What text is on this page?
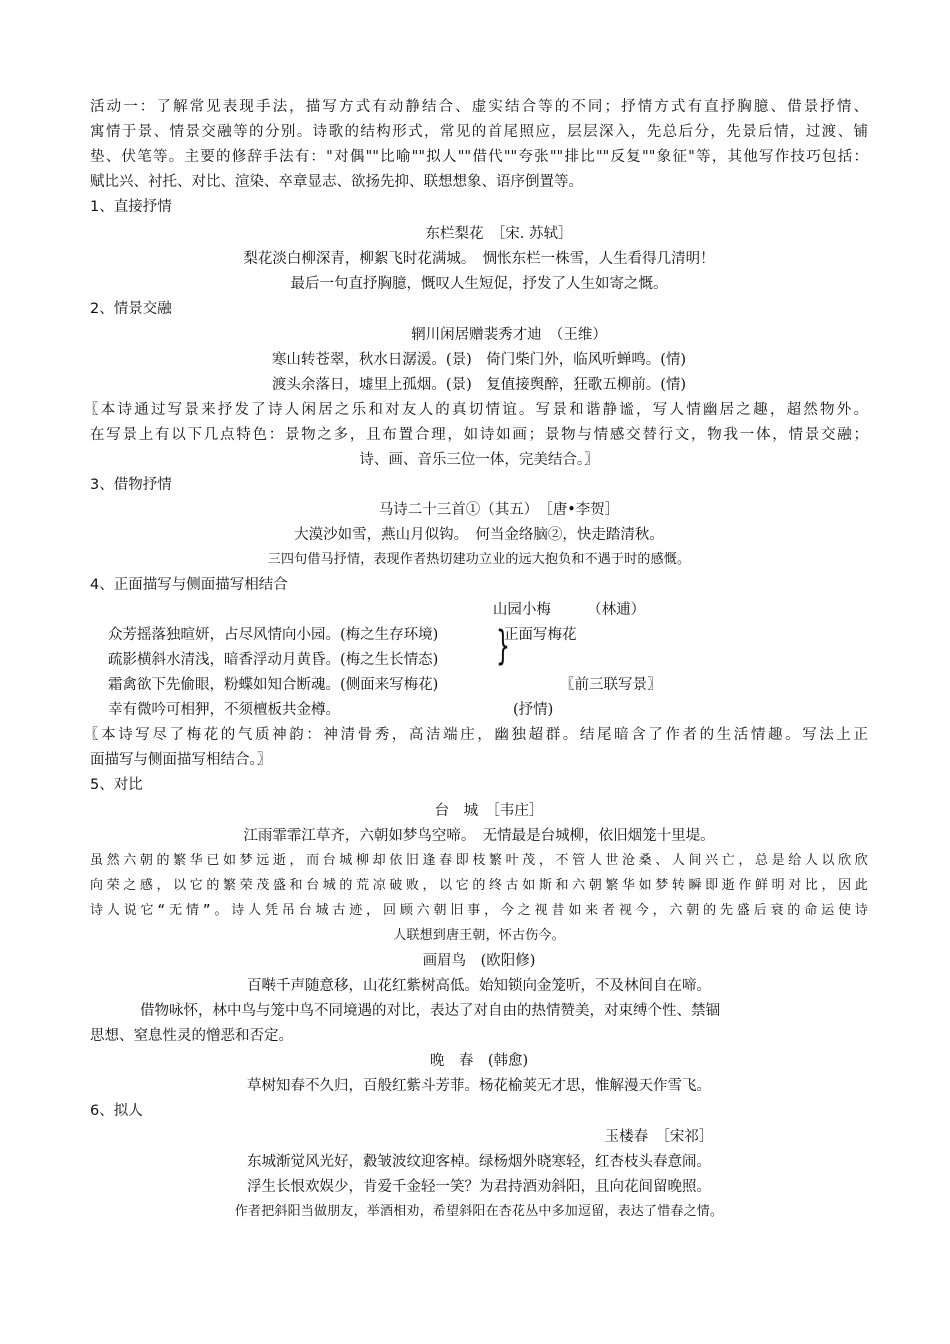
活动一：了解常见表现手法，描写方式有动静结合、虚实结合等的不同；抒情方式有直抒胸臆、借景抒情、
寓情于景、情景交融等的分别。诗歌的结构形式，常见的首尾照应，层层深入，先总后分，先景后情，过渡、铺
垫、伏笔等。主要的修辞手法有："对偶""比喻""拟人""借代""夸张""排比""反复""象征"等，其他写作技巧包括：
赋比兴、衬托、对比、渲染、卒章显志、欲扬先抑、联想想象、语序倒置等。
1、直接抒情
东栏梨花　［宋. 苏轼］
梨花淡白柳深青，柳絮飞时花满城。　惆怅东栏一株雪，人生看得几清明！
最后一句直抒胸臆，慨叹人生短促，抒发了人生如寄之慨。
2、情景交融
辋川闲居赠裴秀才迪　（王维）
寒山转苍翠，秋水日潺湲。(景)　倚门柴门外，临风听蝉鸣。(情)
渡头余落日，墟里上孤烟。(景)　复值接舆醉，狂歌五柳前。(情)
〖本诗通过写景来抒发了诗人闲居之乐和对友人的真切情谊。写景和谐静谧，写人情幽居之趣，超然物外。
在写景上有以下几点特色：景物之多，且布置合理，如诗如画；景物与情感交替行文，物我一体，情景交融；
诗、画、音乐三位一体，完美结合。〗
3、借物抒情
马诗二十三首①（其五）　［唐•李贺］
大漠沙如雪，燕山月似钩。　何当金络脑②，快走踏清秋。
三四句借马抒情，表现作者热切建功立业的远大抱负和不遇于时的感慨。
4、正面描写与侧面描写相结合
山园小梅　　　（林逋）
众芳摇落独暄妍，占尽风情向小园。(梅之生存环境)
疏影横斜水清浅，暗香浮动月黄昏。(梅之生长情态) }
正面写梅花
霜禽欲下先偷眼，粉蝶如知合断魂。(侧面来写梅花)	〖前三联写景〗
幸有微吟可相狎，不须檀板共金樽。	(抒情)
〖本诗写尽了梅花的气质神韵：神清骨秀，高洁端庄，幽独超群。结尾暗含了作者的生活情趣。写法上正
面描写与侧面描写相结合。〗
5、对比
台　城　［韦庄］
江雨霏霏江草齐，六朝如梦鸟空啼。　无情最是台城柳，依旧烟笼十里堤。
虽然六朝的繁华已如梦远逝，而台城柳却依旧逢春即枝繁叶茂，不管人世沧桑、人间兴亡，总是给人以欣欣
向荣之感，以它的繁荣茂盛和台城的荒凉破败，以它的终古如斯和六朝繁华如梦转瞬即逝作鲜明对比，因此
诗人说它“无情”。诗人凭吊台城古迹，回顾六朝旧事，今之视昔如来者视今，六朝的先盛后衰的命运使诗
人联想到唐王朝，怀古伤今。
画眉鸟　(欧阳修)
百啭千声随意移，山花红紫树高低。始知锁向金笼听，不及林间自在啼。
借物咏怀，林中鸟与笼中鸟不同境遇的对比，表达了对自由的热情赞美，对束缚个性、禁锢
思想、窒息性灵的憎恶和否定。
晚　春　(韩愈)
草树知春不久归，百般红紫斗芳菲。杨花榆荚无才思，惟解漫天作雪飞。
6、拟人
玉楼春　［宋祁］
东城渐觉风光好，縠皱波纹迎客棹。绿杨烟外晓寒轻，红杏枝头春意闹。
浮生长恨欢娱少，肯爱千金轻一笑？为君持酒劝斜阳，且向花间留晚照。
作者把斜阳当做朋友，举酒相劝，希望斜阳在杏花丛中多加逗留，表达了惜春之情。
